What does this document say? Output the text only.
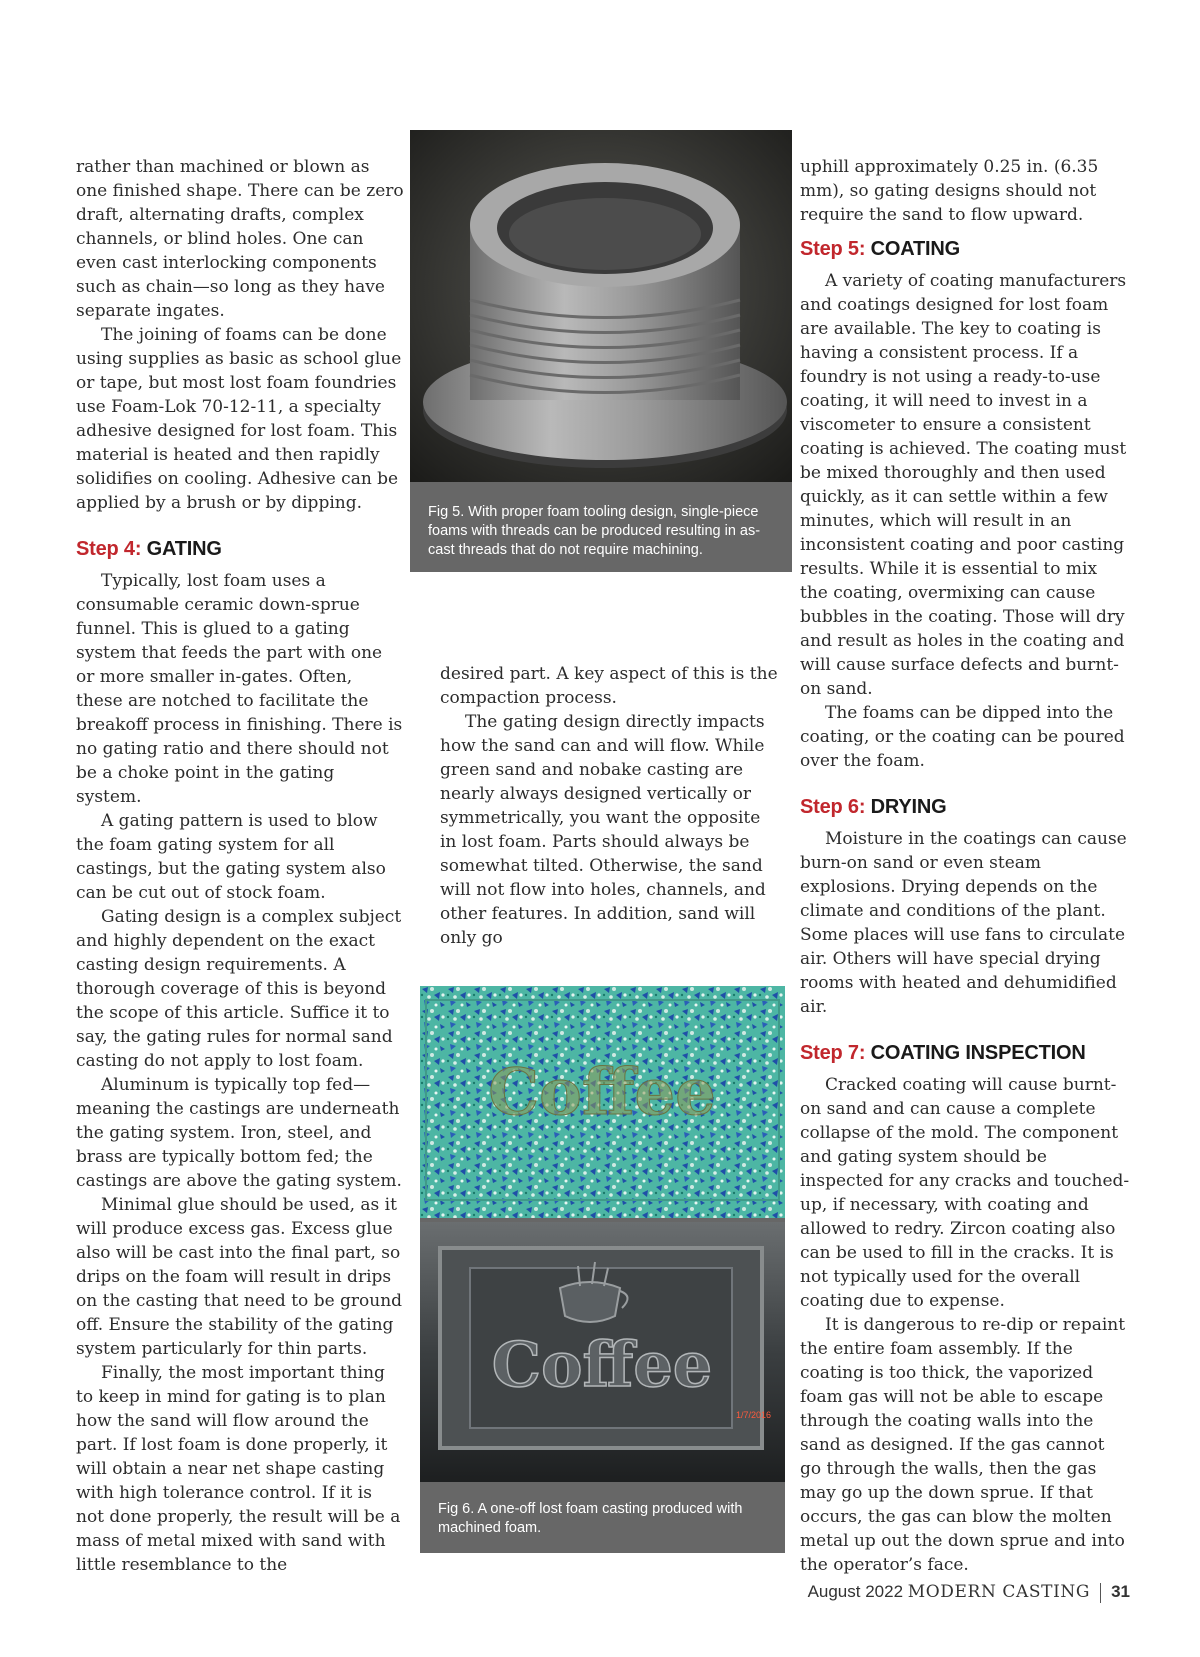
rather than machined or blown as one finished shape. There can be zero draft, alternating drafts, complex channels, or blind holes. One can even cast interlocking components such as chain—so long as they have separate ingates.

The joining of foams can be done using supplies as basic as school glue or tape, but most lost foam foundries use Foam-Lok 70-12-11, a specialty adhesive designed for lost foam. This material is heated and then rapidly solidifies on cooling. Adhesive can be applied by a brush or by dipping.

Step 4: GATING

Typically, lost foam uses a consumable ceramic down-sprue funnel. This is glued to a gating system that feeds the part with one or more smaller in-gates. Often, these are notched to facilitate the breakoff process in finishing. There is no gating ratio and there should not be a choke point in the gating system.

A gating pattern is used to blow the foam gating system for all castings, but the gating system also can be cut out of stock foam.

Gating design is a complex subject and highly dependent on the exact casting design requirements. A thorough coverage of this is beyond the scope of this article. Suffice it to say, the gating rules for normal sand casting do not apply to lost foam.

Aluminum is typically top fed—meaning the castings are underneath the gating system. Iron, steel, and brass are typically bottom fed; the castings are above the gating system.

Minimal glue should be used, as it will produce excess gas. Excess glue also will be cast into the final part, so drips on the foam will result in drips on the casting that need to be ground off. Ensure the stability of the gating system particularly for thin parts.

Finally, the most important thing to keep in mind for gating is to plan how the sand will flow around the part. If lost foam is done properly, it will obtain a near net shape casting with high tolerance control. If it is not done properly, the result will be a mass of metal mixed with sand with little resemblance to the

Fig 5. With proper foam tooling design, single-piece foams with threads can be produced resulting in as-cast threads that do not require machining.

desired part. A key aspect of this is the compaction process.

The gating design directly impacts how the sand can and will flow. While green sand and nobake casting are nearly always designed vertically or symmetrically, you want the opposite in lost foam. Parts should always be somewhat tilted. Otherwise, the sand will not flow into holes, channels, and other features. In addition, sand will only go

Coffee
Coffee
1/7/2016
Fig 6. A one-off lost foam casting produced with machined foam.

uphill approximately 0.25 in. (6.35 mm), so gating designs should not require the sand to flow upward.

Step 5: COATING

A variety of coating manufacturers and coatings designed for lost foam are available. The key to coating is having a consistent process. If a foundry is not using a ready-to-use coating, it will need to invest in a viscometer to ensure a consistent coating is achieved. The coating must be mixed thoroughly and then used quickly, as it can settle within a few minutes, which will result in an inconsistent coating and poor casting results. While it is essential to mix the coating, overmixing can cause bubbles in the coating. Those will dry and result as holes in the coating and will cause surface defects and burnt-on sand.

The foams can be dipped into the coating, or the coating can be poured over the foam.

Step 6: DRYING

Moisture in the coatings can cause burn-on sand or even steam explosions. Drying depends on the climate and conditions of the plant. Some places will use fans to circulate air. Others will have special drying rooms with heated and dehumidified air.

Step 7: COATING INSPECTION

Cracked coating will cause burnt-on sand and can cause a complete collapse of the mold. The component and gating system should be inspected for any cracks and touched-up, if necessary, with coating and allowed to redry. Zircon coating also can be used to fill in the cracks. It is not typically used for the overall coating due to expense.

It is dangerous to re-dip or repaint the entire foam assembly. If the coating is too thick, the vaporized foam gas will not be able to escape through the coating walls into the sand as designed. If the gas cannot go through the walls, then the gas may go up the down sprue. If that occurs, the gas can blow the molten metal up out the down sprue and into the operator’s face.

August 2022 MODERN CASTING 31
